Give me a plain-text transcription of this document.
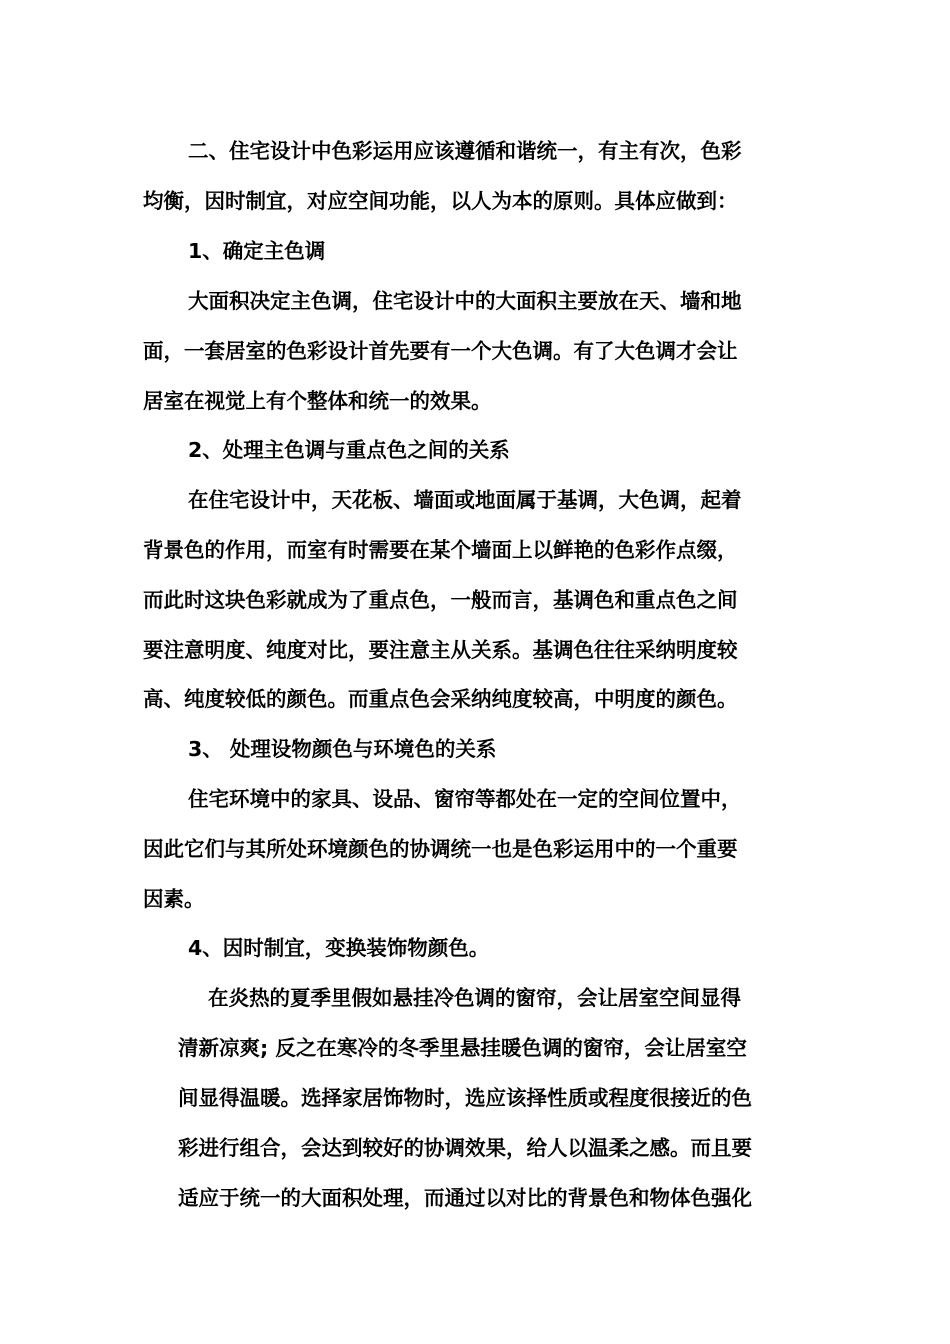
二、住宅设计中色彩运用应该遵循和谐统一，有主有次，色彩

均衡，因时制宜，对应空间功能，以人为本的原则。具体应做到：

1、确定主色调

大面积决定主色调，住宅设计中的大面积主要放在天、墙和地

面，一套居室的色彩设计首先要有一个大色调。有了大色调才会让

居室在视觉上有个整体和统一的效果。

2、处理主色调与重点色之间的关系

在住宅设计中，天花板、墙面或地面属于基调，大色调，起着

背景色的作用，而室有时需要在某个墙面上以鲜艳的色彩作点缀，

而此时这块色彩就成为了重点色，一般而言，基调色和重点色之间

要注意明度、纯度对比，要注意主从关系。基调色往往采纳明度较

高、纯度较低的颜色。而重点色会采纳纯度较高，中明度的颜色。

3、 处理设物颜色与环境色的关系

住宅环境中的家具、设品、窗帘等都处在一定的空间位置中，

因此它们与其所处环境颜色的协调统一也是色彩运用中的一个重要

因素。

4、因时制宜，变换装饰物颜色。

在炎热的夏季里假如悬挂冷色调的窗帘，会让居室空间显得

清新凉爽; 反之在寒冷的冬季里悬挂暖色调的窗帘，会让居室空

间显得温暖。选择家居饰物时，选应该择性质或程度很接近的色

彩进行组合，会达到较好的协调效果，给人以温柔之感。而且要

适应于统一的大面积处理，而通过以对比的背景色和物体色强化
